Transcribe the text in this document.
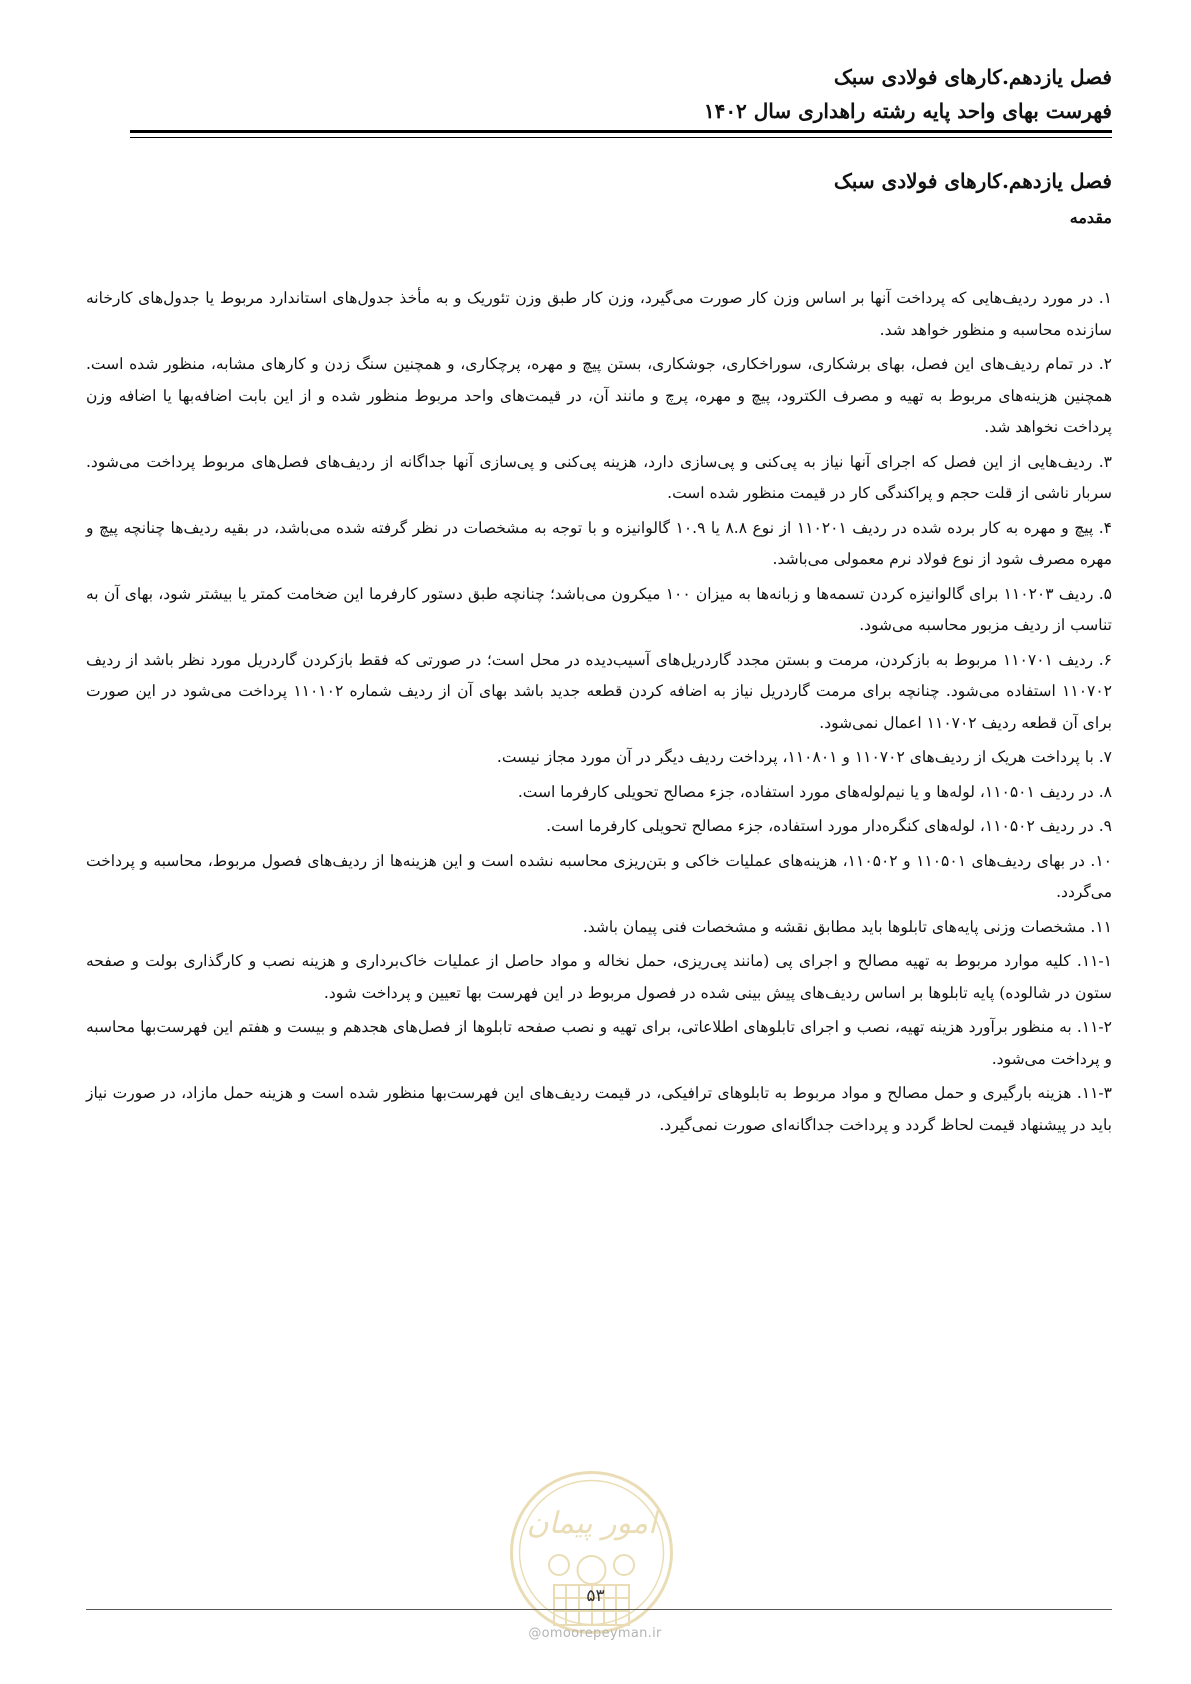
فصل یازدهم.کارهای فولادی سبک
فهرست بهای واحد پایه رشته راهداری سال ۱۴۰۲
فصل یازدهم.کارهای فولادی سبک
مقدمه

۱. در مورد ردیف‌هایی که پرداخت آنها بر اساس وزن کار صورت می‌گیرد، وزن کار طبق وزن تئوریک و به مأخذ جدول‌های استاندارد مربوط یا جدول‌های کارخانه سازنده محاسبه و منظور خواهد شد.

۲. در تمام ردیف‌های این فصل، بهای برشکاری، سوراخکاری، جوشکاری، بستن پیچ و مهره، پرچکاری، و همچنین سنگ زدن و کارهای مشابه، منظور شده است. همچنین هزینه‌های مربوط به تهیه و مصرف الکترود، پیچ و مهره، پرچ و مانند آن، در قیمت‌های واحد مربوط منظور شده و از این بابت اضافه‌بها یا اضافه وزن پرداخت نخواهد شد.

۳. ردیف‌هایی از این فصل که اجرای آنها نیاز به پی‌کنی و پی‌سازی دارد، هزینه پی‌کنی و پی‌سازی آنها جداگانه از ردیف‌های فصل‌های مربوط پرداخت می‌شود. سربار ناشی از قلت حجم و پراکندگی کار در قیمت منظور شده است.

۴. پیچ و مهره به کار برده شده در ردیف ۱۱۰۲۰۱ از نوع ۸.۸ یا ۱۰.۹ گالوانیزه و با توجه به مشخصات در نظر گرفته شده می‌باشد، در بقیه ردیف‌ها چنانچه پیچ و مهره مصرف شود از نوع فولاد نرم معمولی می‌باشد.

۵. ردیف ۱۱۰۲۰۳ برای گالوانیزه کردن تسمه‌ها و زبانه‌ها به میزان ۱۰۰ میکرون می‌باشد؛ چنانچه طبق دستور کارفرما این ضخامت کمتر یا بیشتر شود، بهای آن به تناسب از ردیف مزبور محاسبه می‌شود.

۶. ردیف ۱۱۰۷۰۱ مربوط به بازکردن، مرمت و بستن مجدد گاردریل‌های آسیب‌دیده در محل است؛ در صورتی که فقط بازکردن گاردریل مورد نظر باشد از ردیف ۱۱۰۷۰۲ استفاده می‌شود. چنانچه برای مرمت گاردریل نیاز به اضافه کردن قطعه جدید باشد بهای آن از ردیف شماره ۱۱۰۱۰۲ پرداخت می‌شود در این صورت برای آن قطعه ردیف ۱۱۰۷۰۲ اعمال نمی‌شود.

۷. با پرداخت هریک از ردیف‌های ۱۱۰۷۰۲ و ۱۱۰۸۰۱، پرداخت ردیف دیگر در آن مورد مجاز نیست.

۸. در ردیف ۱۱۰۵۰۱، لوله‌ها و یا نیم‌لوله‌های مورد استفاده، جزء مصالح تحویلی کارفرما است.

۹. در ردیف ۱۱۰۵۰۲، لوله‌های کنگره‌دار مورد استفاده، جزء مصالح تحویلی کارفرما است.

۱۰. در بهای ردیف‌های ۱۱۰۵۰۱ و ۱۱۰۵۰۲، هزینه‌های عملیات خاکی و بتن‌ریزی محاسبه نشده است و این هزینه‌ها از ردیف‌های فصول مربوط، محاسبه و پرداخت می‌گردد.

۱۱. مشخصات وزنی پایه‌های تابلوها باید مطابق نقشه و مشخصات فنی پیمان باشد.

۱۱-۱. کلیه موارد مربوط به تهیه مصالح و اجرای پی (مانند پی‌ریزی، حمل نخاله و مواد حاصل از عملیات خاک‌برداری و هزینه نصب و کارگذاری بولت و صفحه ستون در شالوده) پایه تابلوها بر اساس ردیف‌های پیش بینی شده در فصول مربوط در این فهرست بها تعیین و پرداخت شود.

۱۱-۲. به منظور برآورد هزینه تهیه، نصب و اجرای تابلوهای اطلاعاتی، برای تهیه و نصب صفحه تابلوها از فصل‌های هجدهم و بیست و هفتم این فهرست‌بها محاسبه و پرداخت می‌شود.

۱۱-۳. هزینه بارگیری و حمل مصالح و مواد مربوط به تابلوهای ترافیکی، در قیمت ردیف‌های این فهرست‌بها منظور شده است و هزینه حمل مازاد، در صورت نیاز باید در پیشنهاد قیمت لحاظ گردد و پرداخت جداگانه‌ای صورت نمی‌گیرد.

امور پیمان
۵۳
@omoorepeyman.ir
